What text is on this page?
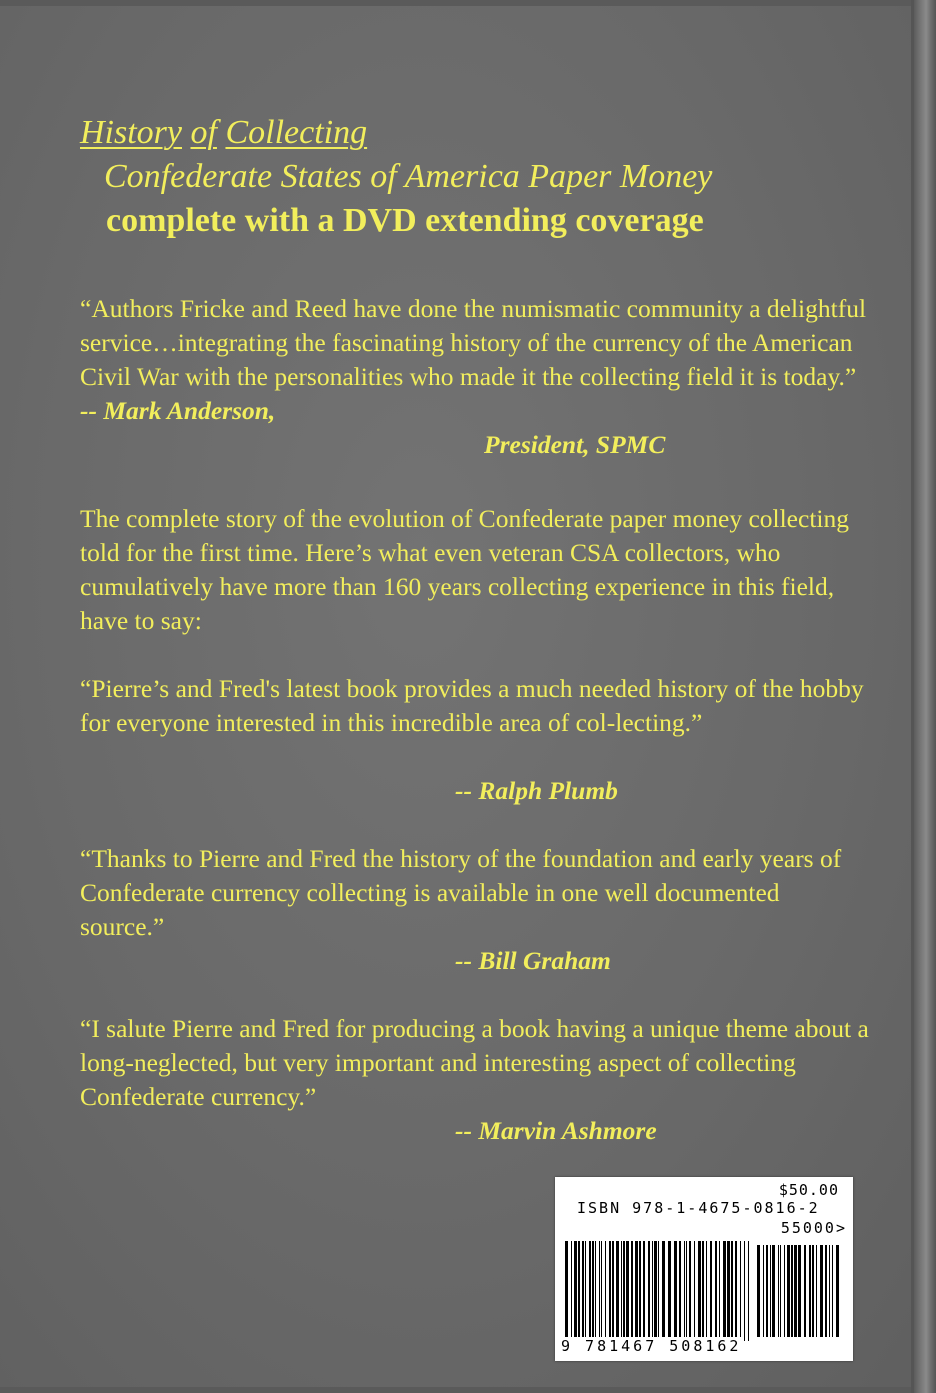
History of Collecting
Confederate States of America Paper Money
complete with a DVD extending coverage
“Authors Fricke and Reed have done the numismatic community a delightful service…integrating the fascinating history of the currency of the American Civil War with the personalities who made it the collecting field it is today.” -- Mark Anderson,
President, SPMC
The complete story of the evolution of Confederate paper money collecting told for the first time. Here’s what even veteran CSA collectors, who cumulatively have more than 160 years collecting experience in this field, have to say:
“Pierre’s and Fred's latest book provides a much needed history of the hobby for everyone interested in this incredible area of col-lecting.”
-- Ralph Plumb
“Thanks to Pierre and Fred the history of the foundation and early years of Confederate currency collecting is available in one well documented source.”
-- Bill Graham
“I salute Pierre and Fred for producing a book having a unique theme about a long-neglected, but very important and interesting aspect of collecting Confederate currency.”
-- Marvin Ashmore
$50.00
ISBN 978-1-4675-0816-2
55000>
9 781467 508162
